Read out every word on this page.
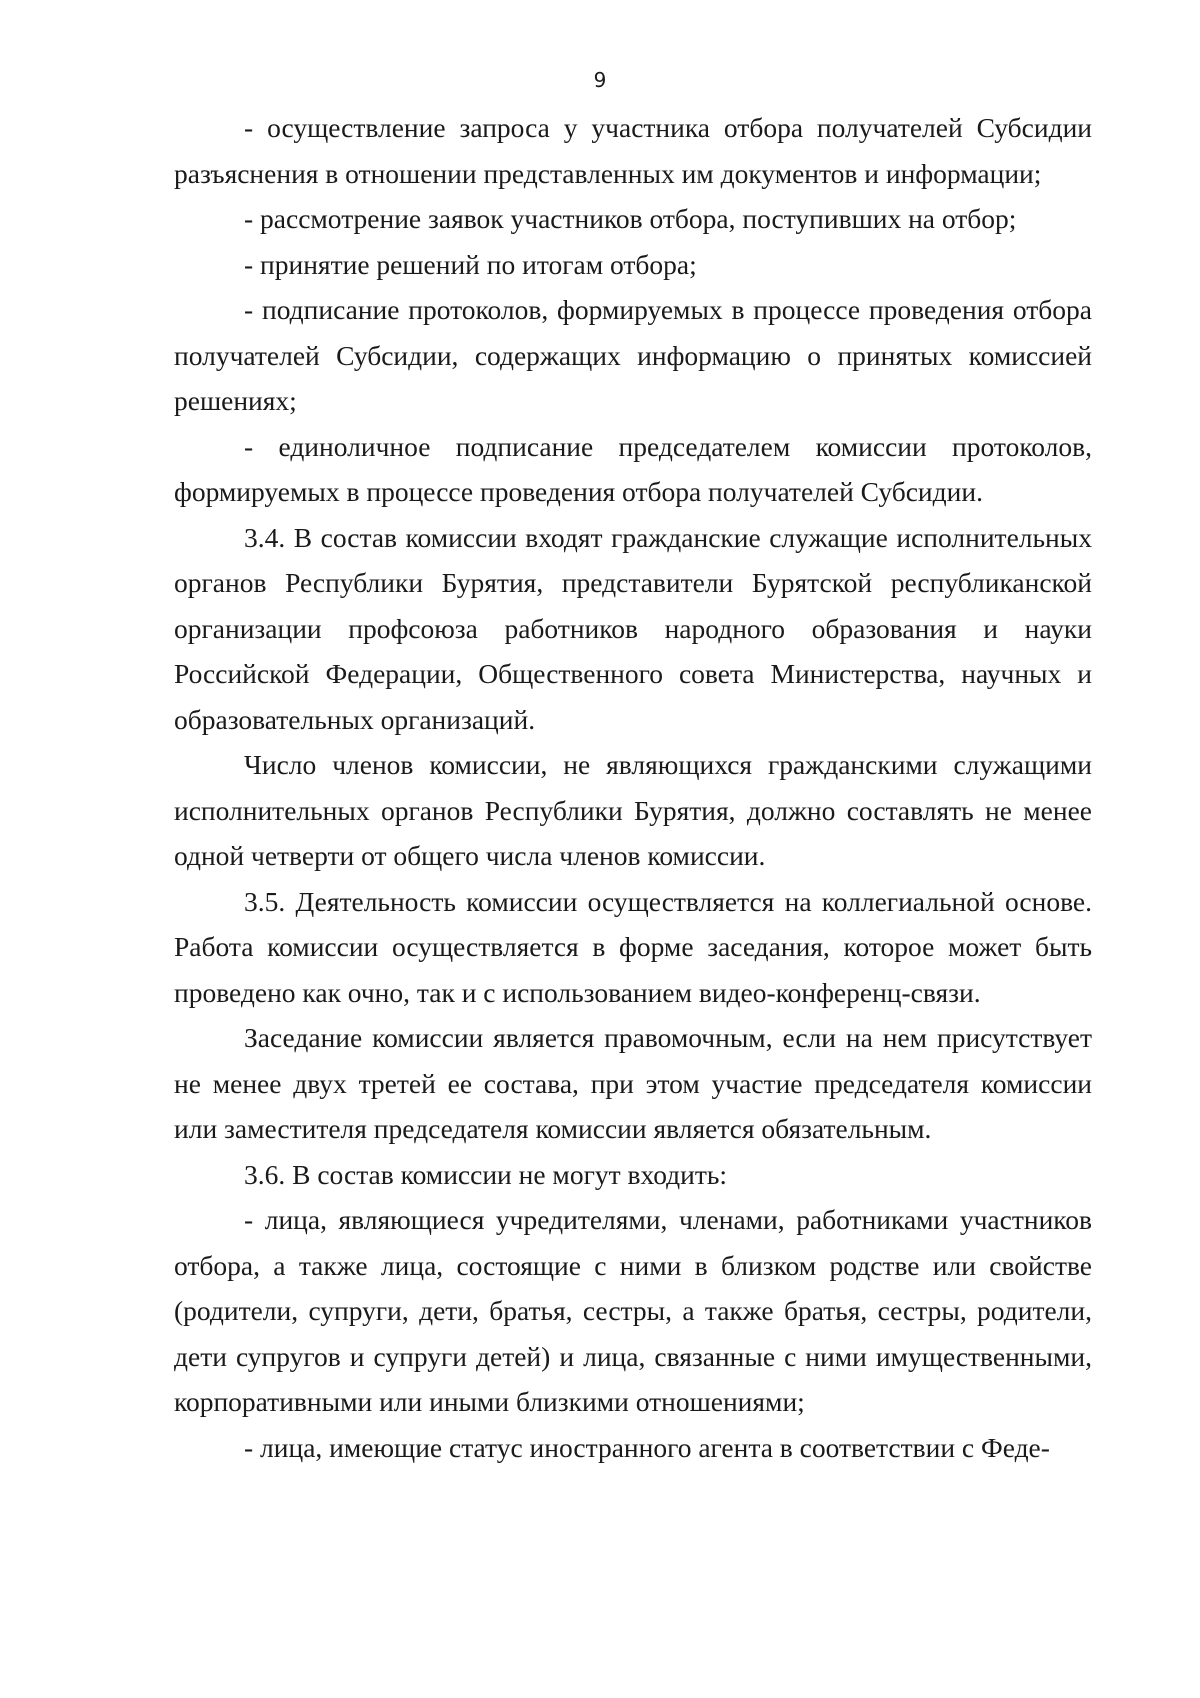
9

- осуществление запроса у участника отбора получателей Субсидии разъяснения в отношении представленных им документов и информации;

- рассмотрение заявок участников отбора, поступивших на отбор;

- принятие решений по итогам отбора;

- подписание протоколов, формируемых в процессе проведения отбора получателей Субсидии, содержащих информацию о принятых комиссией решениях;

- единоличное подписание председателем комиссии протоколов, формируемых в процессе проведения отбора получателей Субсидии.

3.4. В состав комиссии входят гражданские служащие исполнительных органов Республики Бурятия, представители Бурятской республиканской организации профсоюза работников народного образования и науки Российской Федерации, Общественного совета Министерства, научных и образовательных организаций.

Число членов комиссии, не являющихся гражданскими служащими исполнительных органов Республики Бурятия, должно составлять не менее одной четверти от общего числа членов комиссии.

3.5. Деятельность комиссии осуществляется на коллегиальной основе. Работа комиссии осуществляется в форме заседания, которое может быть проведено как очно, так и с использованием видео-конференц-связи.

Заседание комиссии является правомочным, если на нем присутствует не менее двух третей ее состава, при этом участие председателя комиссии или заместителя председателя комиссии является обязательным.

3.6. В состав комиссии не могут входить:

- лица, являющиеся учредителями, членами, работниками участников отбора, а также лица, состоящие с ними в близком родстве или свойстве (родители, супруги, дети, братья, сестры, а также братья, сестры, родители, дети супругов и супруги детей) и лица, связанные с ними имущественными, корпоративными или иными близкими отношениями;

- лица, имеющие статус иностранного агента в соответствии с Феде-
